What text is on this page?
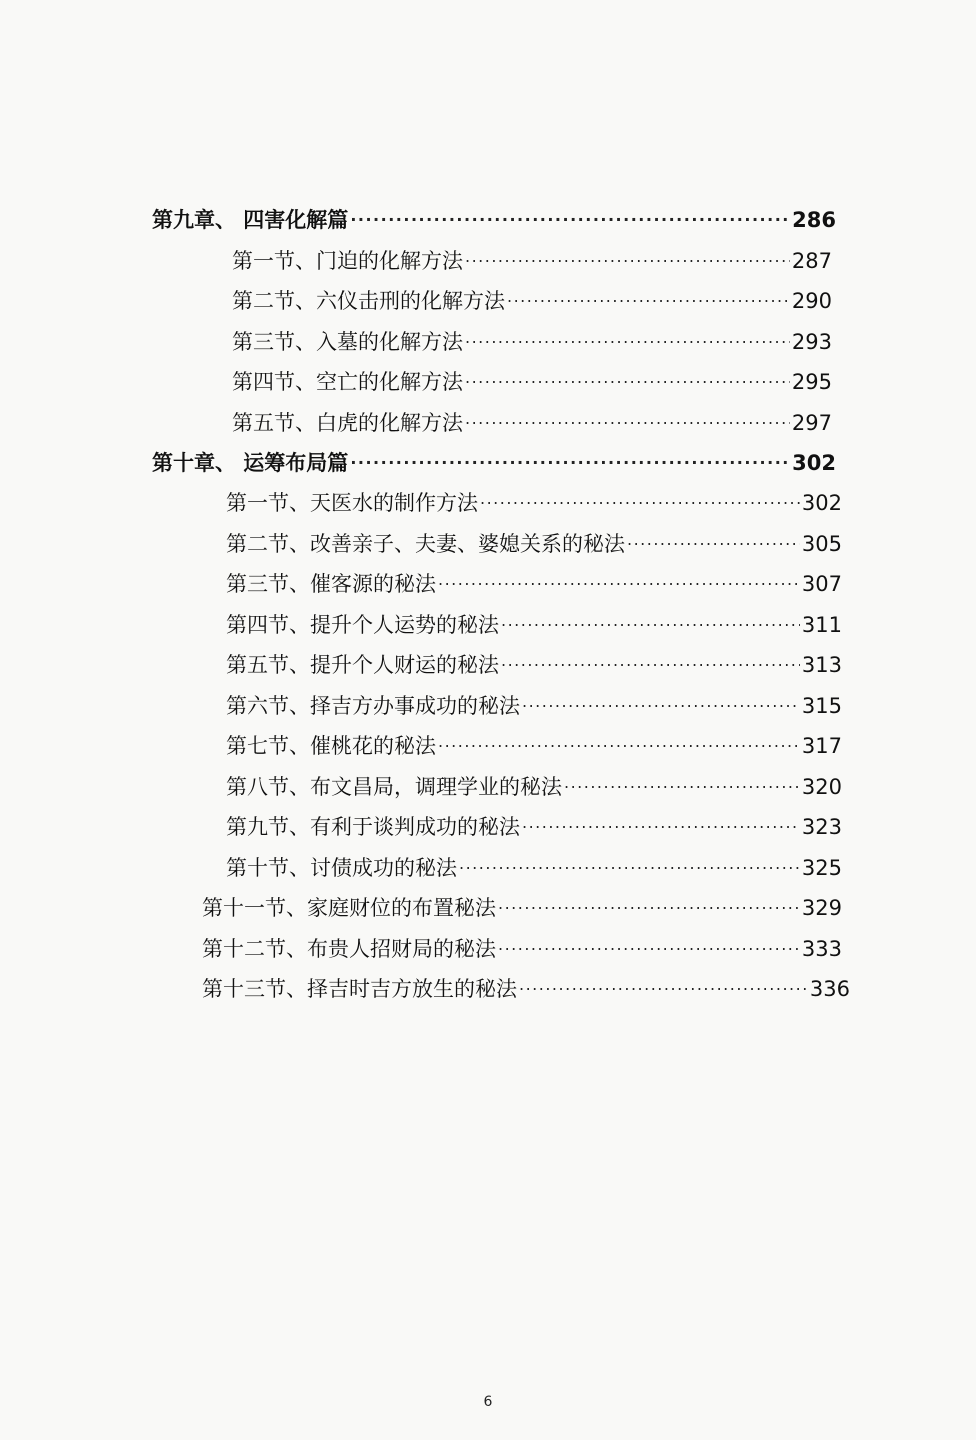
第九章、 四害化解篇 .....	286
第一节、门迫的化解方法 .....	287
第二节、六仪击刑的化解方法 .....	290
第三节、入墓的化解方法 .....	293
第四节、空亡的化解方法 .....	295
第五节、白虎的化解方法 .....	297
第十章、 运筹布局篇 .....	302
第一节、天医水的制作方法 .....	302
第二节、改善亲子、夫妻、婆媳关系的秘法 .....	305
第三节、催客源的秘法 .....	307
第四节、提升个人运势的秘法 .....	311
第五节、提升个人财运的秘法 .....	313
第六节、择吉方办事成功的秘法 .....	315
第七节、催桃花的秘法 .....	317
第八节、布文昌局，调理学业的秘法 .....	320
第九节、有利于谈判成功的秘法 .....	323
第十节、讨债成功的秘法 .....	325
第十一节、家庭财位的布置秘法 .....	329
第十二节、布贵人招财局的秘法 .....	333
第十三节、择吉时吉方放生的秘法 .....	336
6
